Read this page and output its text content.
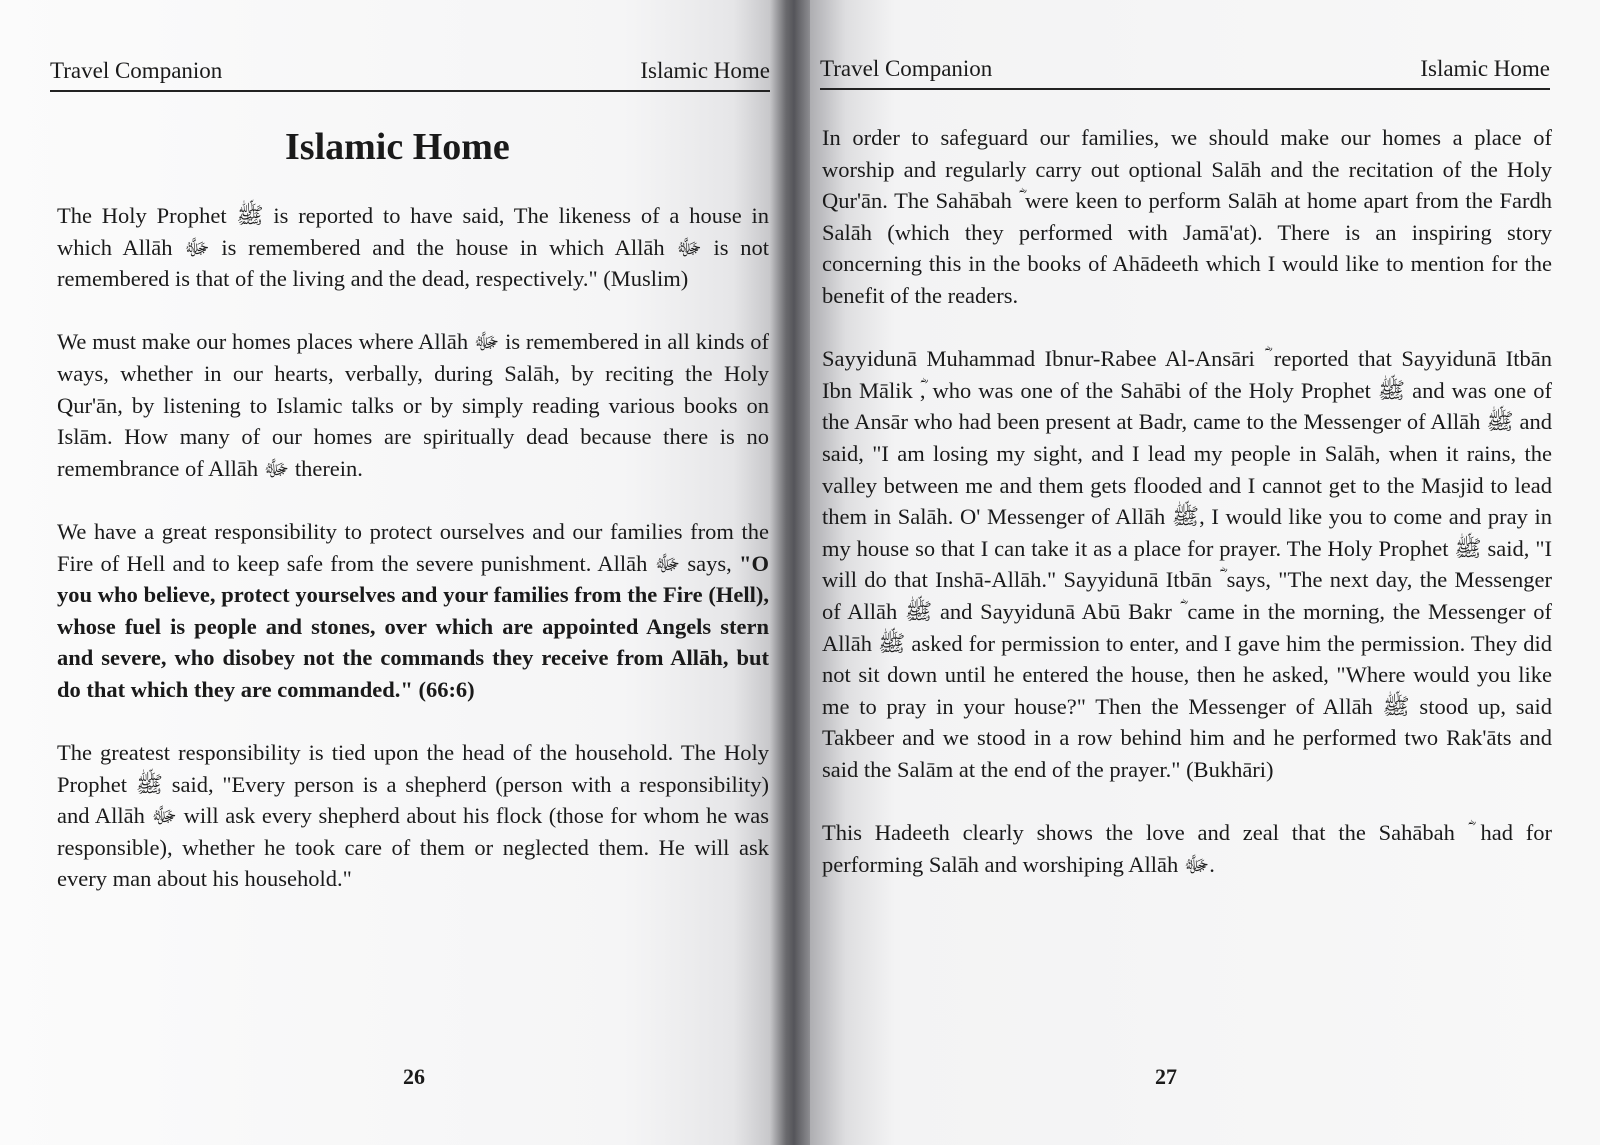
Travel Companion	Islamic Home
Islamic Home

The Holy Prophet ﷺ is reported to have said, The likeness of a house in which Allāh ﷻ is remembered and the house in which Allāh ﷻ is not remembered is that of the living and the dead, respectively." (Muslim)

We must make our homes places where Allāh ﷻ is remembered in all kinds of ways, whether in our hearts, verbally, during Salāh, by reciting the Holy Qur'ān, by listening to Islamic talks or by simply reading various books on Islām. How many of our homes are spiritually dead because there is no remembrance of Allāh ﷻ therein.

We have a great responsibility to protect ourselves and our families from the Fire of Hell and to keep safe from the severe punishment. Allāh ﷻ says, "O you who believe, protect yourselves and your families from the Fire (Hell), whose fuel is people and stones, over which are appointed Angels stern and severe, who disobey not the commands they receive from Allāh, but do that which they are commanded." (66:6)

The greatest responsibility is tied upon the head of the household. The Holy Prophet ﷺ said, "Every person is a shepherd (person with a responsibility) and Allāh ﷻ will ask every shepherd about his flock (those for whom he was responsible), whether he took care of them or neglected them. He will ask every man about his household."

26
Travel Companion	Islamic Home

In order to safeguard our families, we should make our homes a place of worship and regularly carry out optional Salāh and the recitation of the Holy Qur'ān. The Sahābah ؓ were keen to perform Salāh at home apart from the Fardh Salāh (which they performed with Jamā'at). There is an inspiring story concerning this in the books of Ahādeeth which I would like to mention for the benefit of the readers.

Sayyidunā Muhammad Ibnur-Rabee Al-Ansāri ؓ reported that Sayyidunā Itbān Ibn Mālik ؓ, who was one of the Sahābi of the Holy Prophet ﷺ and was one of the Ansār who had been present at Badr, came to the Messenger of Allāh ﷺ and said, "I am losing my sight, and I lead my people in Salāh, when it rains, the valley between me and them gets flooded and I cannot get to the Masjid to lead them in Salāh. O' Messenger of Allāh ﷺ, I would like you to come and pray in my house so that I can take it as a place for prayer. The Holy Prophet ﷺ said, "I will do that Inshā-Allāh." Sayyidunā Itbān ؓ says, "The next day, the Messenger of Allāh ﷺ and Sayyidunā Abū Bakr ؓ came in the morning, the Messenger of Allāh ﷺ asked for permission to enter, and I gave him the permission. They did not sit down until he entered the house, then he asked, "Where would you like me to pray in your house?" Then the Messenger of Allāh ﷺ stood up, said Takbeer and we stood in a row behind him and he performed two Rak'āts and said the Salām at the end of the prayer." (Bukhāri)

This Hadeeth clearly shows the love and zeal that the Sahābah ؓ had for performing Salāh and worshiping Allāh ﷻ.

27
